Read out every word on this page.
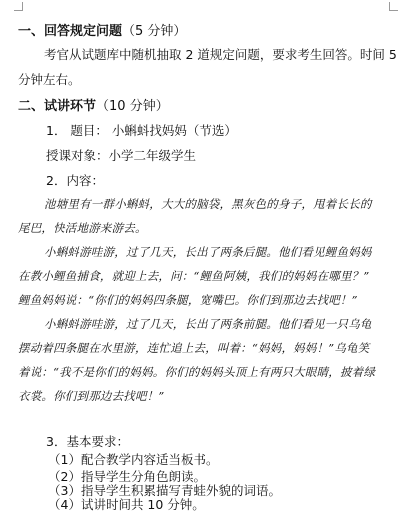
一、回答规定问题（5 分钟）
考官从试题库中随机抽取 2 道规定问题，要求考生回答。时间 5
分钟左右。
二、试讲环节（10 分钟）
1． 题目： 小蝌蚪找妈妈（节选）
授课对象：小学二年级学生
2．内容：
池塘里有一群小蝌蚪，大大的脑袋，黑灰色的身子，甩着长长的
尾巴，快活地游来游去。
小蝌蚪游哇游，过了几天，长出了两条后腿。他们看见鲤鱼妈妈
在教小鲤鱼捕食，就迎上去，问：“鲤鱼阿姨，我们的妈妈在哪里？”
鲤鱼妈妈说：“你们的妈妈四条腿，宽嘴巴。你们到那边去找吧！”
小蝌蚪游哇游，过了几天，长出了两条前腿。他们看见一只乌龟
摆动着四条腿在水里游，连忙追上去，叫着：“妈妈，妈妈！”乌龟笑
着说：“我不是你们的妈妈。你们的妈妈头顶上有两只大眼睛，披着绿
衣裳。你们到那边去找吧！”
3．基本要求：
（1）配合教学内容适当板书。
（2）指导学生分角色朗读。
（3）指导学生积累描写青蛙外貌的词语。
（4）试讲时间共 10 分钟。
